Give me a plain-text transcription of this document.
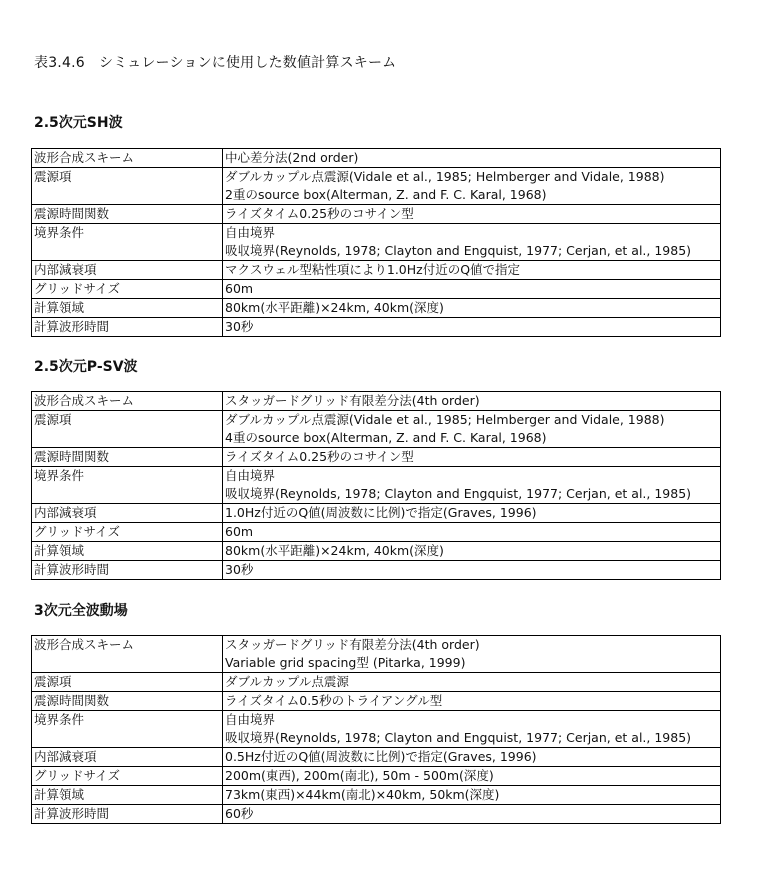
表3.4.6　シミュレーションに使用した数値計算スキーム
2.5次元SH波
波形合成スキーム	中心差分法(2nd order)

震源項	ダブルカップル点震源(Vidale et al., 1985; Helmberger and Vidale, 1988)
2重のsource box(Alterman, Z. and F. C. Karal, 1968)

震源時間関数	ライズタイム0.25秒のコサイン型

境界条件	自由境界
吸収境界(Reynolds, 1978; Clayton and Engquist, 1977; Cerjan, et al., 1985)

内部減衰項	マクスウェル型粘性項により1.0Hz付近のQ値で指定

グリッドサイズ	60m

計算領域	80km(水平距離)×24km, 40km(深度)

計算波形時間	30秒
2.5次元P-SV波
波形合成スキーム	スタッガードグリッド有限差分法(4th order)

震源項	ダブルカップル点震源(Vidale et al., 1985; Helmberger and Vidale, 1988)
4重のsource box(Alterman, Z. and F. C. Karal, 1968)

震源時間関数	ライズタイム0.25秒のコサイン型

境界条件	自由境界
吸収境界(Reynolds, 1978; Clayton and Engquist, 1977; Cerjan, et al., 1985)

内部減衰項	1.0Hz付近のQ値(周波数に比例)で指定(Graves, 1996)

グリッドサイズ	60m

計算領域	80km(水平距離)×24km, 40km(深度)

計算波形時間	30秒
3次元全波動場
波形合成スキーム	スタッガードグリッド有限差分法(4th order)
Variable grid spacing型 (Pitarka, 1999)

震源項	ダブルカップル点震源

震源時間関数	ライズタイム0.5秒のトライアングル型

境界条件	自由境界
吸収境界(Reynolds, 1978; Clayton and Engquist, 1977; Cerjan, et al., 1985)

内部減衰項	0.5Hz付近のQ値(周波数に比例)で指定(Graves, 1996)

グリッドサイズ	200m(東西), 200m(南北), 50m - 500m(深度)

計算領域	73km(東西)×44km(南北)×40km, 50km(深度)

計算波形時間	60秒
